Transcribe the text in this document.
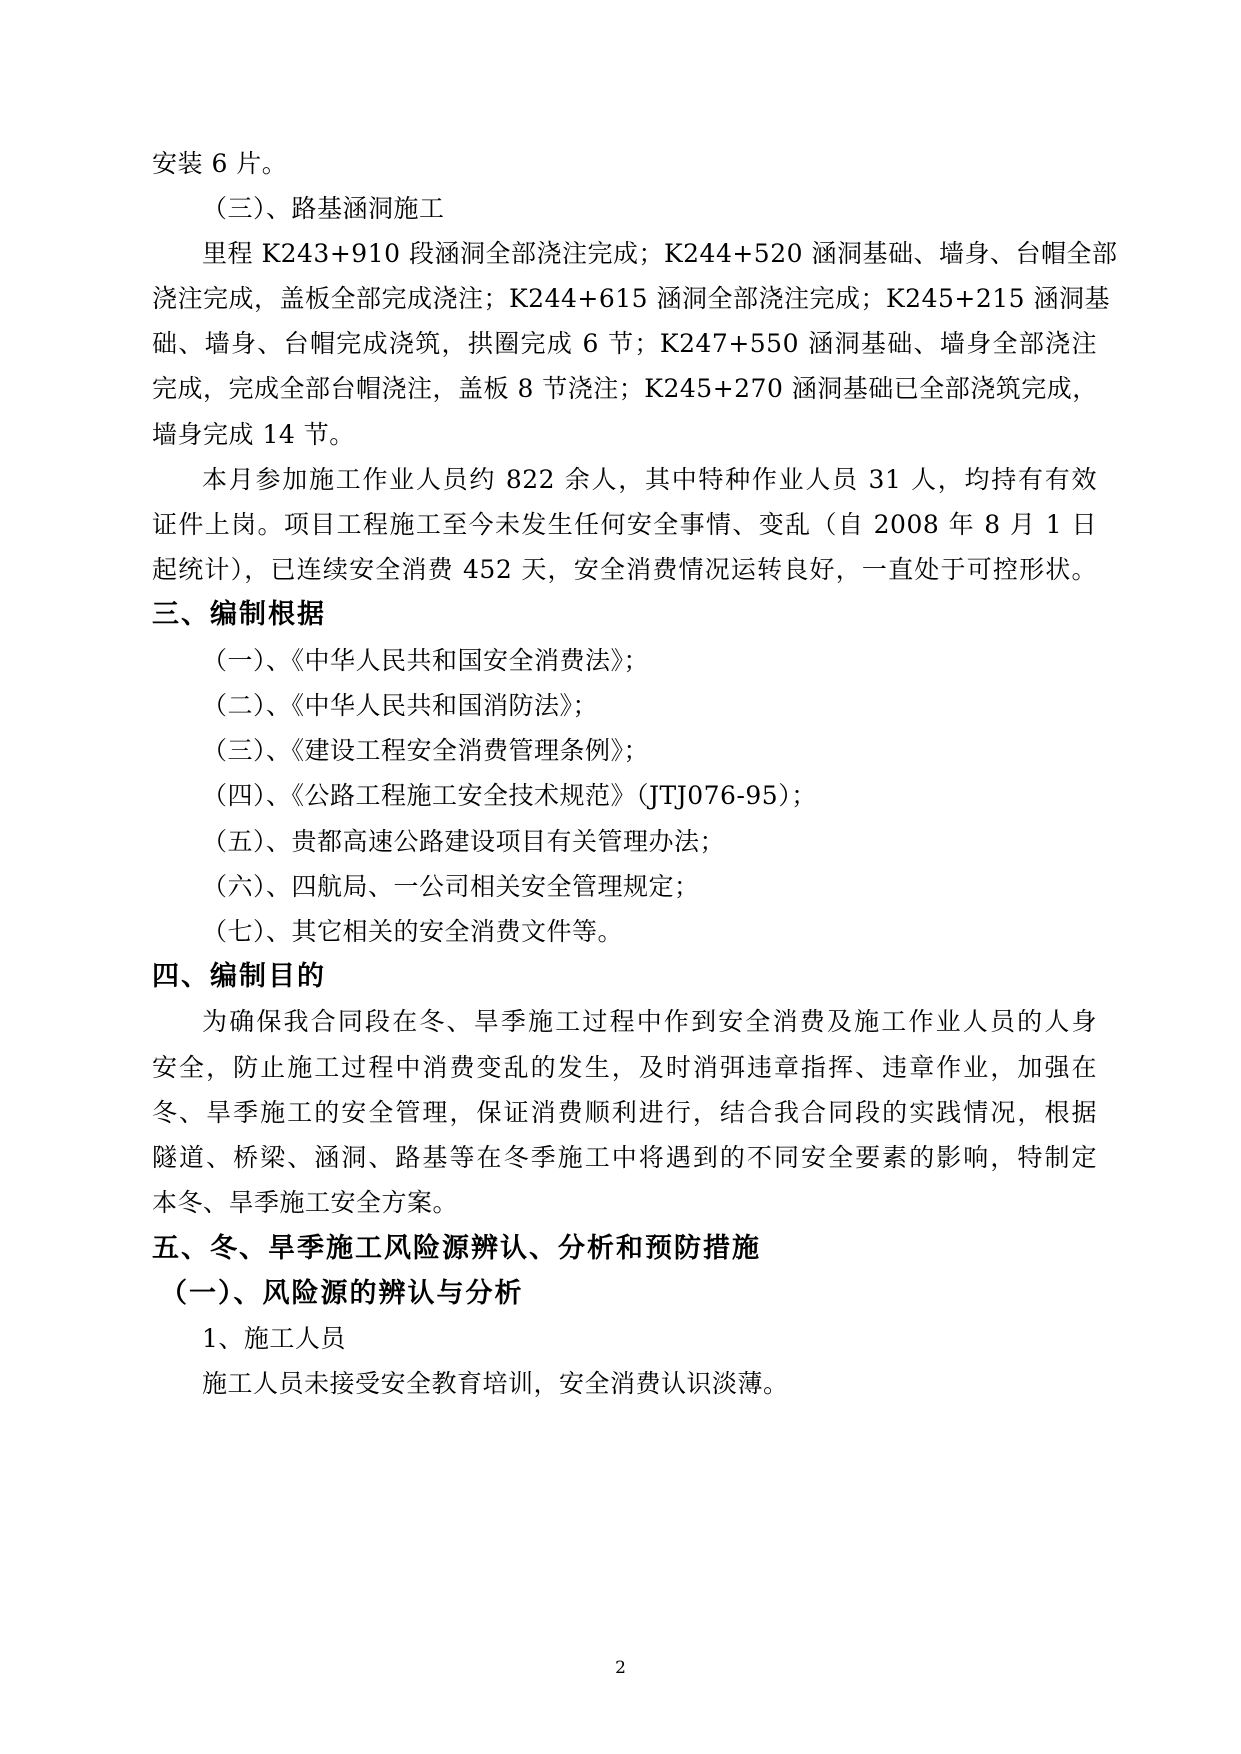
安装 6 片。
（三）、路基涵洞施工
里程 K243+910 段涵洞全部浇注完成；K244+520 涵洞基础、墙身、台帽全部
浇注完成，盖板全部完成浇注；K244+615 涵洞全部浇注完成；K245+215 涵洞基
础、墙身、台帽完成浇筑，拱圈完成 6 节；K247+550 涵洞基础、墙身全部浇注
完成，完成全部台帽浇注，盖板 8 节浇注；K245+270 涵洞基础已全部浇筑完成，
墙身完成 14 节。
本月参加施工作业人员约 822 余人，其中特种作业人员 31 人，均持有有效
证件上岗。项目工程施工至今未发生任何安全事情、变乱（自 2008 年 8 月 1 日
起统计），已连续安全消费 452 天，安全消费情况运转良好，一直处于可控形状。
三、编制根据
（一）、《中华人民共和国安全消费法》；
（二）、《中华人民共和国消防法》；
（三）、《建设工程安全消费管理条例》；
（四）、《公路工程施工安全技术规范》（JTJ076-95）；
（五）、贵都高速公路建设项目有关管理办法；
（六）、四航局、一公司相关安全管理规定；
（七）、其它相关的安全消费文件等。
四、编制目的
为确保我合同段在冬、旱季施工过程中作到安全消费及施工作业人员的人身
安全，防止施工过程中消费变乱的发生，及时消弭违章指挥、违章作业，加强在
冬、旱季施工的安全管理，保证消费顺利进行，结合我合同段的实践情况，根据
隧道、桥梁、涵洞、路基等在冬季施工中将遇到的不同安全要素的影响，特制定
本冬、旱季施工安全方案。
五、冬、旱季施工风险源辨认、分析和预防措施
（一）、风险源的辨认与分析
1、施工人员
施工人员未接受安全教育培训，安全消费认识淡薄。
2
